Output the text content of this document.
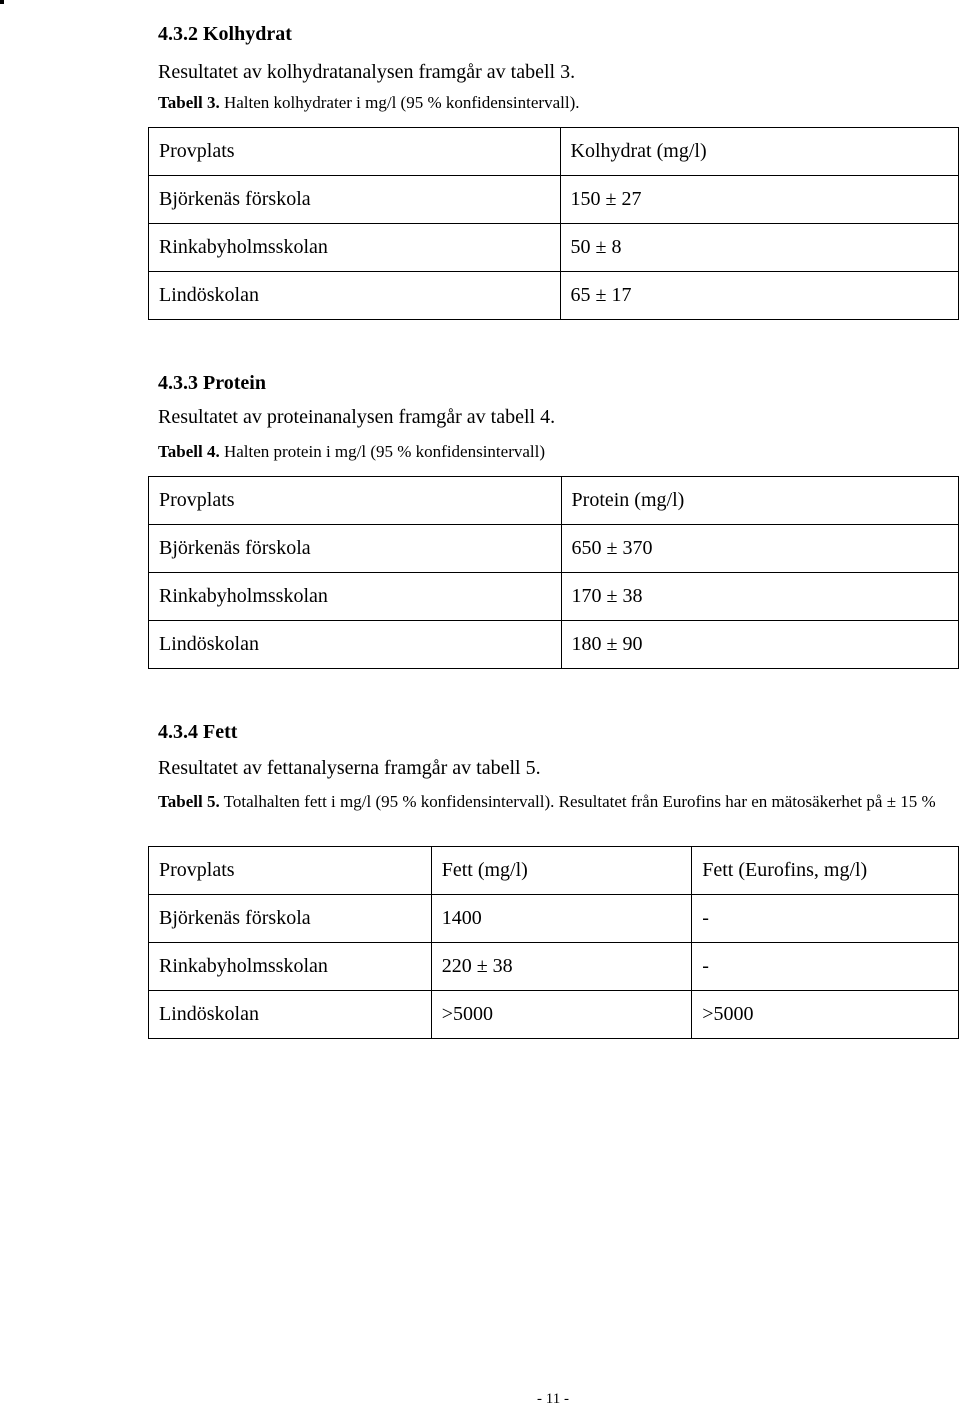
4.3.2 Kolhydrat
Resultatet av kolhydratanalysen framgår av tabell 3.
Tabell 3. Halten kolhydrater i mg/l (95 % konfidensintervall).
Provplats	Kolhydrat (mg/l)
Björkenäs förskola	150 ± 27
Rinkabyholmsskolan	50 ± 8
Lindöskolan	65 ± 17
4.3.3 Protein
Resultatet av proteinanalysen framgår av tabell 4.
Tabell 4. Halten protein i mg/l (95 % konfidensintervall)
Provplats	Protein (mg/l)
Björkenäs förskola	650 ± 370
Rinkabyholmsskolan	170 ± 38
Lindöskolan	180 ± 90
4.3.4 Fett
Resultatet av fettanalyserna framgår av tabell 5.
Tabell 5. Totalhalten fett i mg/l (95 % konfidensintervall). Resultatet från Eurofins har en mätosäkerhet på ± 15 %
Provplats	Fett (mg/l)	Fett (Eurofins, mg/l)
Björkenäs förskola	1400	-
Rinkabyholmsskolan	220 ± 38	-
Lindöskolan	>5000	>5000
- 11 -
